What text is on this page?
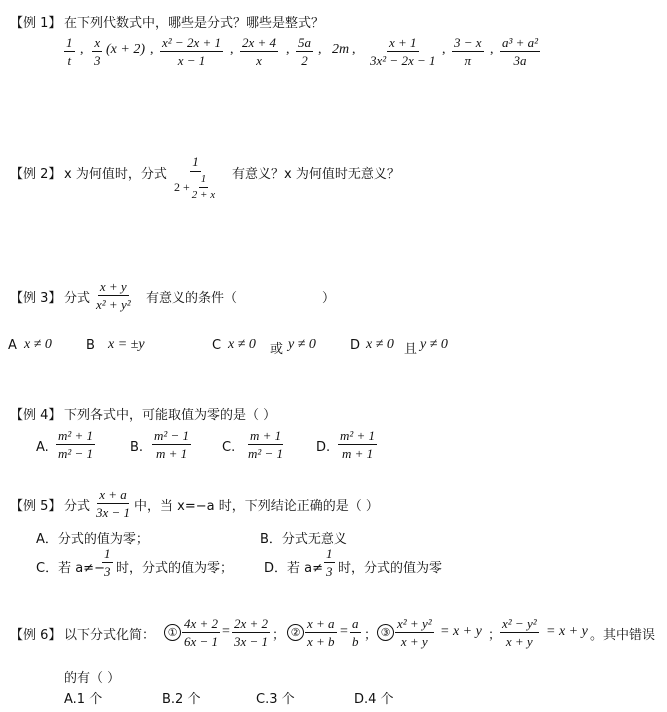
【例 1】 在下列代数式中，哪些是分式？哪些是整式？
$\frac{1}{t}$ , $\frac{x}{3} (x + 2)$ , $\frac{\text{x² − 2x + 1}}{x - 1}$ , $\frac{2x + 4}{x}$ , $\frac{5a}{2}$ , 2m , $\frac{x + 1}{\text{3x² − 2x − 1}}$ , $\frac{3 - x}{\pi}$ , $\frac{\text{a³ + a²}}{3a}$
【例 2】 x 为何值时，分式 $\frac{1}{2 + \frac{1}{2 + x}}$ 有意义？x 为何值时无意义？
【例 3】 分式 $\frac{x + y}{\text{x² + y²}}$ 有意义的条件（	）
A x ≠ 0	B x = ±y	C x ≠ 0 或 y ≠ 0	D x ≠ 0 且 y ≠ 0
【例 4】 下列各式中，可能取值为零的是（ ）
A. $\frac{\text{m² + 1}}{\text{m² − 1}}$	B. $\frac{\text{m² − 1}}{m + 1} C$. $\frac{m + 1}{\text{m² − 1}} D$. $\frac{\text{m² + 1}}{m + 1}$
【例 5】 分式 $\frac{x + a}{3x - 1}$ 中，当 x=−a 时，下列结论正确的是（ ）
A．分式的值为零；	B．分式无意义
C．若 a≠−
$\frac{1}{3}$ 时，分式的值为零； D．若 $a\ne \frac{1}{3}$ 时，分式的值为零
【例 6】 以下分式化简：	① $\frac{4x + 2}{6x - 1} = \frac{2x + 2}{3x - 1}$ ； ② $\frac{x + a}{x + b} = \frac{a}{b}$ ； ③ $\frac{\text{x² + y²}}{x + y} = x + y$ ；
$\frac{\text{x² − y²}}{x + y} = x + y$ 。其中错误
的有（ ）
A.1 个	B.2 个	C.3 个	D.4 个
